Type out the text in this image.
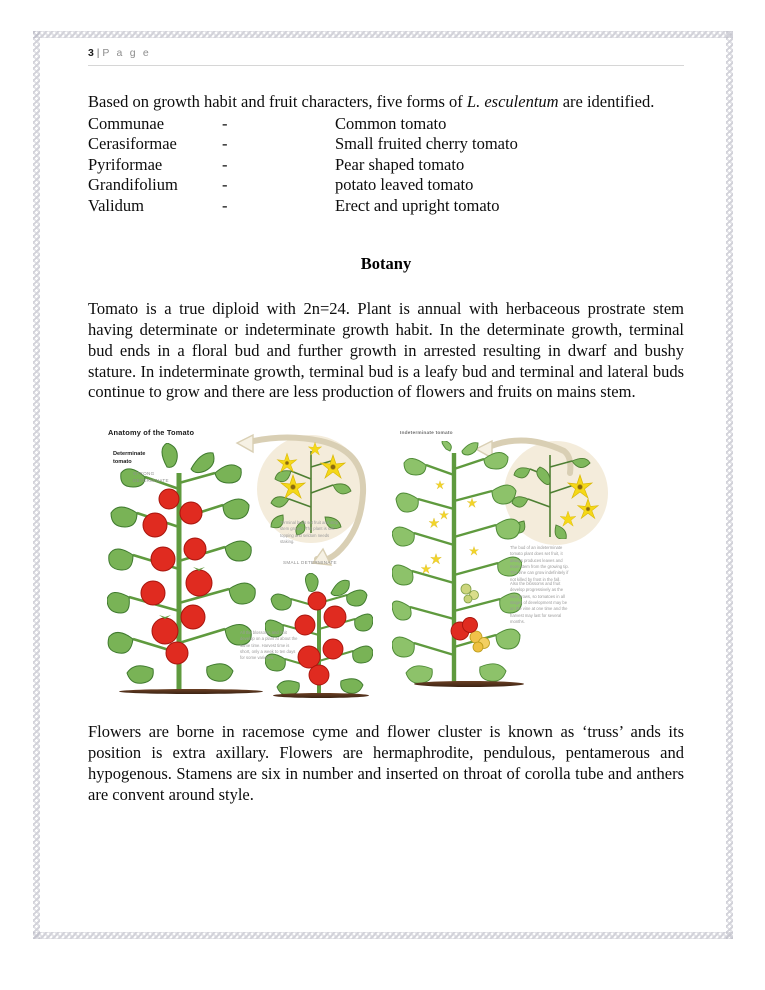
3 | P a g e

Based on growth habit and fruit characters, five forms of L. esculentum are identified.

Communae	-	Common tomato
Cerasiformae	-	Small fruited cherry tomato
Pyriformae	-	Pear shaped tomato
Grandifolium	-	potato leaved tomato
Validum	-	Erect and upright tomato
Botany

Tomato is a true diploid with 2n=24. Plant is annual with herbaceous prostrate stem having determinate or indeterminate growth habit. In the determinate growth, terminal bud ends in a floral bud and further growth in arrested resulting in dwarf and bushy stature. In indeterminate growth, terminal bud is a leafy bud and terminal and lateral buds continue to grow and there are less production of flowers and fruits on mains stem.

Anatomy of the Tomato
Determinate tomato
STRONG DETERMINATE
SMALL DETERMINATE
Terminal buds set fruit and stop stem growth. The plant is self-topping and seldom needs staking.
All the blossoms and fruit develop on a plant at about the same time. Harvest time is short, only a week to ten days for some varieties.
Indeterminate tomato
The bud of an indeterminate tomato plant does set fruit, it always produces leaves and more stem from the growing tip. The vine can grow indefinitely if not killed by frost in the fall.
Also the blossoms and fruit develop progressively as the vine grows, so tomatoes in all stages of development may be on the vine at one time and the harvest may last for several months.

Flowers are borne in racemose cyme and flower cluster is known as ‘truss’ ands its position is extra axillary. Flowers are hermaphrodite, pendulous, pentamerous and hypogenous. Stamens are six in number and inserted on throat of corolla tube and anthers are convent around style.
